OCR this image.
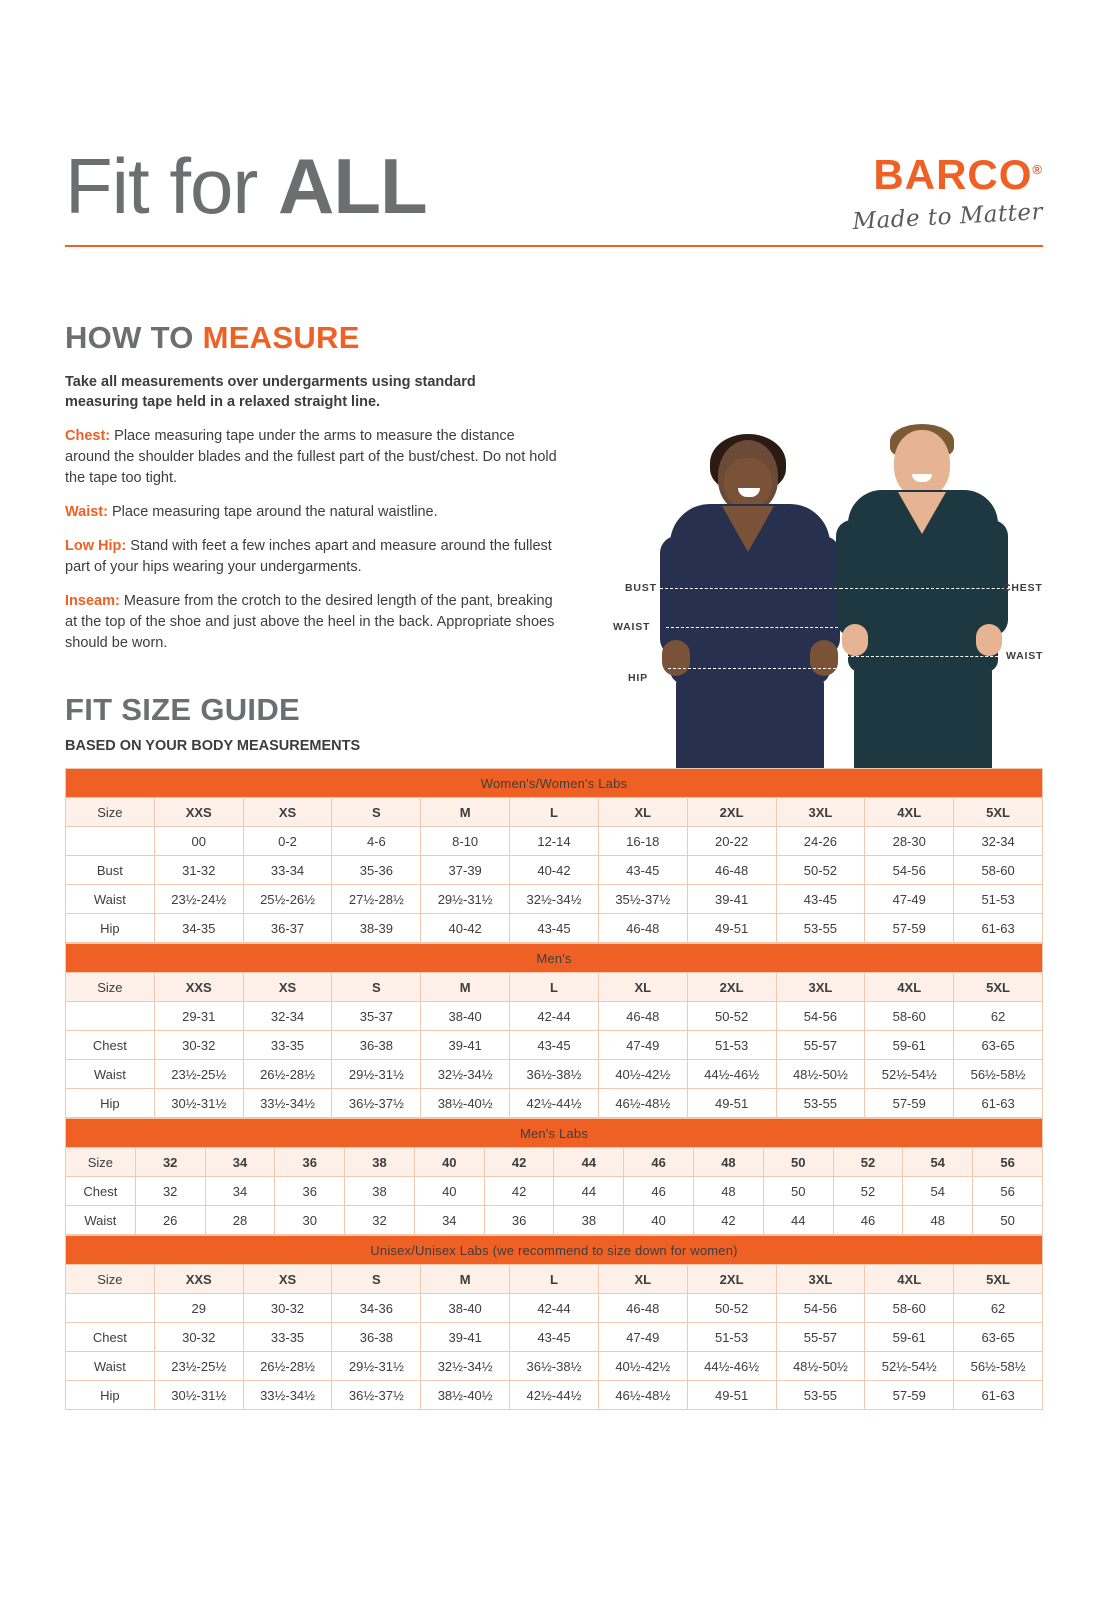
Fit for ALL	BARCO®
Made to Matter
HOW TO MEASURE
Take all measurements over undergarments using standard measuring tape held in a relaxed straight line.
Chest: Place measuring tape under the arms to measure the distance around the shoulder blades and the fullest part of the bust/chest. Do not hold the tape too tight.
Waist: Place measuring tape around the natural waistline.
Low Hip: Stand with feet a few inches apart and measure around the fullest part of your hips wearing your undergarments.
Inseam: Measure from the crotch to the desired length of the pant, breaking at the top of the shoe and just above the heel in the back. Appropriate shoes should be worn.
BUST
WAIST
HIP
CHEST
WAIST
FIT SIZE GUIDE
BASED ON YOUR BODY MEASUREMENTS
Women's/Women's Labs										
Size	XXS	XS	S	M	L	XL	2XL	3XL	4XL	5XL
	00	0-2	4-6	8-10	12-14	16-18	20-22	24-26	28-30	32-34
Bust	31-32	33-34	35-36	37-39	40-42	43-45	46-48	50-52	54-56	58-60
Waist	23½-24½	25½-26½	27½-28½	29½-31½	32½-34½	35½-37½	39-41	43-45	47-49	51-53
Hip	34-35	36-37	38-39	40-42	43-45	46-48	49-51	53-55	57-59	61-63
Men's										
Size	XXS	XS	S	M	L	XL	2XL	3XL	4XL	5XL
	29-31	32-34	35-37	38-40	42-44	46-48	50-52	54-56	58-60	62
Chest	30-32	33-35	36-38	39-41	43-45	47-49	51-53	55-57	59-61	63-65
Waist	23½-25½	26½-28½	29½-31½	32½-34½	36½-38½	40½-42½	44½-46½	48½-50½	52½-54½	56½-58½
Hip	30½-31½	33½-34½	36½-37½	38½-40½	42½-44½	46½-48½	49-51	53-55	57-59	61-63
Men's Labs													
Size	32	34	36	38	40	42	44	46	48	50	52	54	56
Chest	32	34	36	38	40	42	44	46	48	50	52	54	56
Waist	26	28	30	32	34	36	38	40	42	44	46	48	50
Unisex/Unisex Labs (we recommend to size down for women)										
Size	XXS	XS	S	M	L	XL	2XL	3XL	4XL	5XL
	29	30-32	34-36	38-40	42-44	46-48	50-52	54-56	58-60	62
Chest	30-32	33-35	36-38	39-41	43-45	47-49	51-53	55-57	59-61	63-65
Waist	23½-25½	26½-28½	29½-31½	32½-34½	36½-38½	40½-42½	44½-46½	48½-50½	52½-54½	56½-58½
Hip	30½-31½	33½-34½	36½-37½	38½-40½	42½-44½	46½-48½	49-51	53-55	57-59	61-63
